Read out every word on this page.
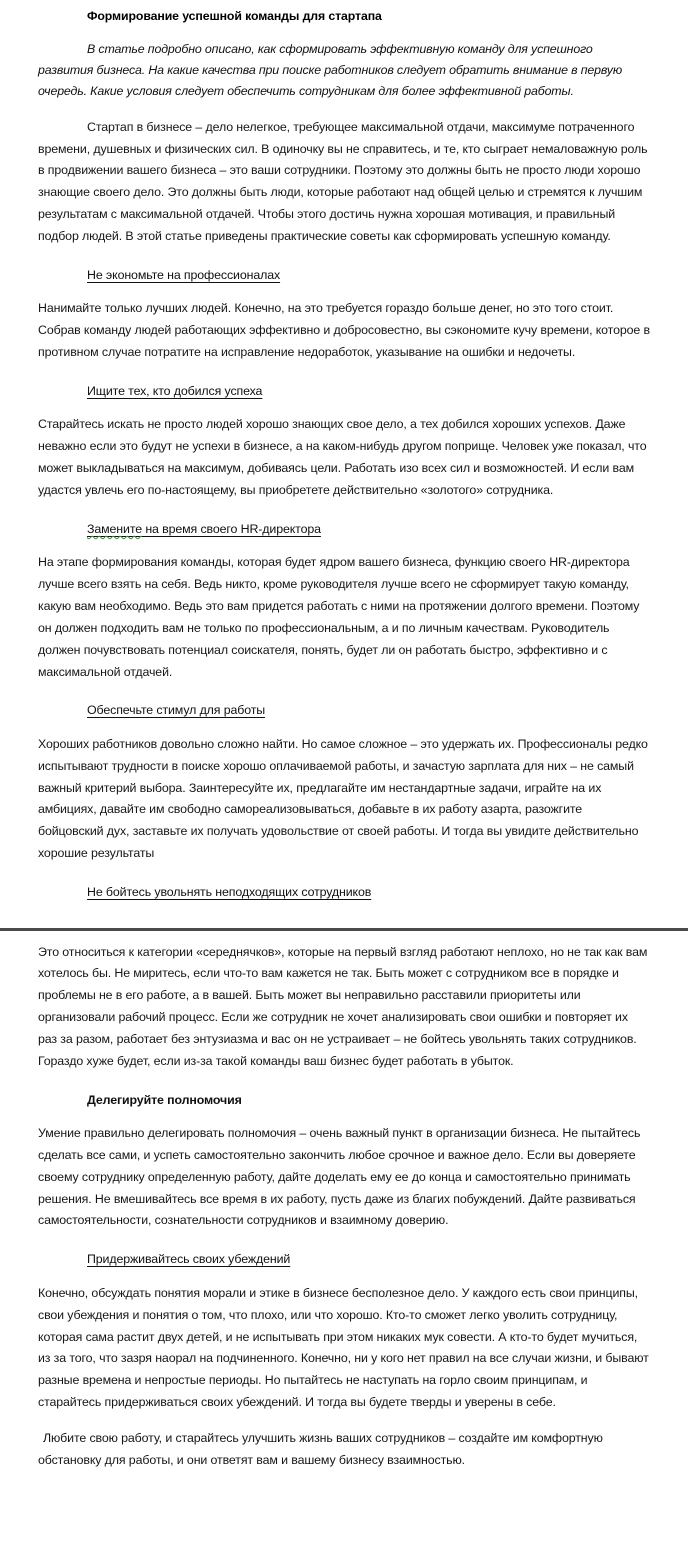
Формирование успешной команды для стартапа

В статье подробно описано, как сформировать эффективную команду для успешного развития бизнеса. На какие качества при поиске работников следует обратить внимание в первую очередь. Какие условия следует обеспечить сотрудникам для более эффективной работы.

Стартап в бизнесе – дело нелегкое, требующее максимальной отдачи, максимуме потраченного времени, душевных и физических сил. В одиночку вы не справитесь, и те, кто сыграет немаловажную роль в продвижении вашего бизнеса – это ваши сотрудники. Поэтому это должны быть не просто люди хорошо знающие своего дело. Это должны быть люди, которые работают над общей целью и стремятся к лучшим результатам с максимальной отдачей. Чтобы этого достичь нужна хорошая мотивация, и правильный подбор людей. В этой статье приведены практические советы как сформировать успешную команду.

Не экономьте на профессионалах

Нанимайте только лучших людей. Конечно, на это требуется гораздо больше денег, но это того стоит. Собрав команду людей работающих эффективно и добросовестно, вы сэкономите кучу времени, которое в противном случае потратите на исправление недоработок, указывание на ошибки и недочеты.

Ищите тех, кто добился успеха

Старайтесь искать не просто людей хорошо знающих свое дело, а тех добился хороших успехов. Даже неважно если это будут не успехи в бизнесе, а на каком-нибудь другом поприще. Человек уже показал, что может выкладываться на максимум, добиваясь цели. Работать изо всех сил и возможностей. И если вам удастся увлечь его по-настоящему, вы приобретете действительно «золотого» сотрудника.

Замените на время своего HR-директора

На этапе формирования команды, которая будет ядром вашего бизнеса, функцию своего HR-директора лучше всего взять на себя. Ведь никто, кроме руководителя лучше всего не сформирует такую команду, какую вам необходимо. Ведь это вам придется работать с ними на протяжении долгого времени. Поэтому он должен подходить вам не только по профессиональным, а и по личным качествам. Руководитель должен почувствовать потенциал соискателя, понять, будет ли он работать быстро, эффективно и с максимальной отдачей.

Обеспечьте стимул для работы

Хороших работников довольно сложно найти. Но самое сложное – это удержать их. Профессионалы редко испытывают трудности в поиске хорошо оплачиваемой работы, и зачастую зарплата для них – не самый важный критерий выбора. Заинтересуйте их, предлагайте им нестандартные задачи, играйте на их амбициях, давайте им свободно самореализовываться, добавьте в их работу азарта, разожгите бойцовский дух, заставьте их получать удовольствие от своей работы. И тогда вы увидите действительно хорошие результаты

Не бойтесь увольнять неподходящих сотрудников

Это относиться к категории «середнячков», которые на первый взгляд работают неплохо, но не так как вам хотелось бы. Не миритесь, если что-то вам кажется не так. Быть может с сотрудником все в порядке и проблемы не в его работе, а в вашей. Быть может вы неправильно расставили приоритеты или организовали рабочий процесс. Если же сотрудник не хочет анализировать свои ошибки и повторяет их раз за разом, работает без энтузиазма и вас он не устраивает – не бойтесь увольнять таких сотрудников. Гораздо хуже будет, если из-за такой команды ваш бизнес будет работать в убыток.

Делегируйте полномочия

Умение правильно делегировать полномочия – очень важный пункт в организации бизнеса. Не пытайтесь сделать все сами, и успеть самостоятельно закончить любое срочное и важное дело. Если вы доверяете своему сотруднику определенную работу, дайте доделать ему ее до конца и самостоятельно принимать решения. Не вмешивайтесь все время в их работу, пусть даже из благих побуждений. Дайте развиваться самостоятельности, сознательности сотрудников и взаимному доверию.

Придерживайтесь своих убеждений

Конечно, обсуждать понятия морали и этике в бизнесе бесполезное дело. У каждого есть свои принципы, свои убеждения и понятия о том, что плохо, или что хорошо. Кто-то сможет легко уволить сотрудницу, которая сама растит двух детей, и не испытывать при этом никаких мук совести. А кто-то будет мучиться, из за того, что зазря наорал на подчиненного. Конечно, ни у кого нет правил на все случаи жизни, и бывают разные времена и непростые периоды. Но пытайтесь не наступать на горло своим принципам, и старайтесь придерживаться своих убеждений. И тогда вы будете тверды и уверены в себе.

Любите свою работу, и старайтесь улучшить жизнь ваших сотрудников – создайте им комфортную обстановку для работы, и они ответят вам и вашему бизнесу взаимностью.
